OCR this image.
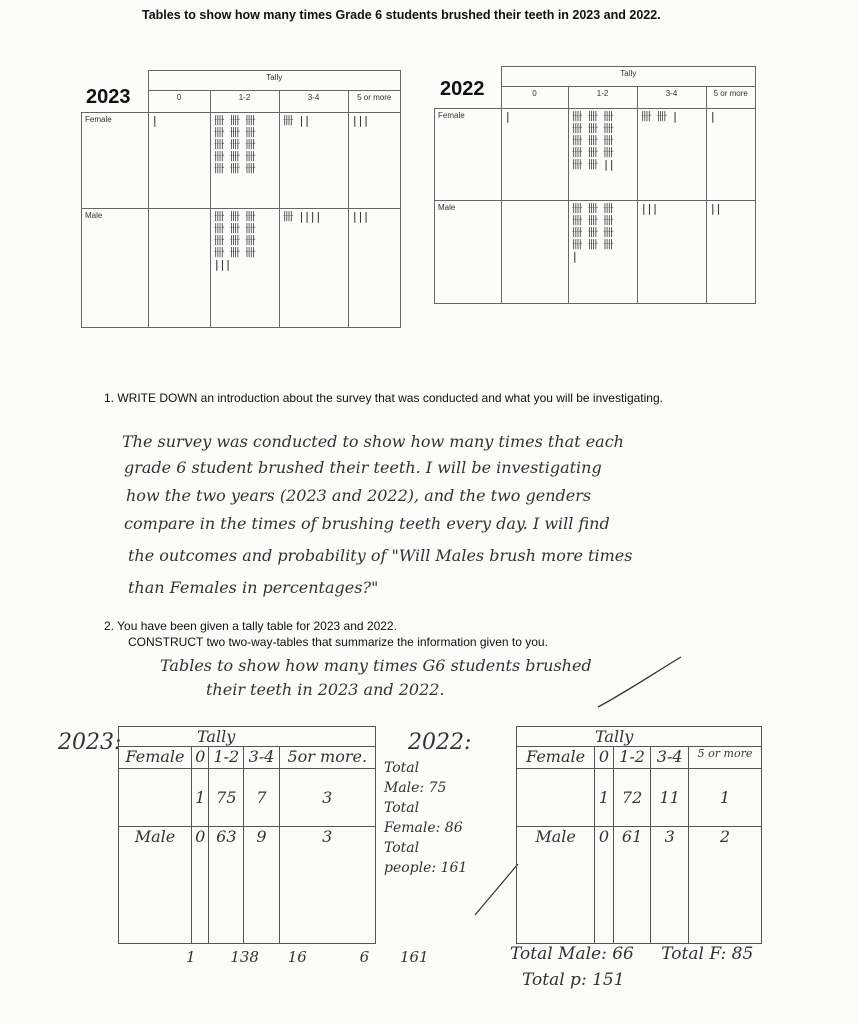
Tables to show how many times Grade 6 students brushed their teeth in 2023 and 2022.
2023
	Tally			
	0	1-2	3-4	5 or more
Female	|	卌 卌 卌
卌 卌 卌
卌 卌 卌
卌 卌 卌
卌 卌 卌	卌 ||	|||

Male		卌 卌 卌
卌 卌 卌
卌 卌 卌
卌 卌 卌
|||	卌 ||||	|||
2022
	Tally			
	0	1-2	3-4	5 or more
Female	|	卌 卌 卌
卌 卌 卌
卌 卌 卌
卌 卌 卌
卌 卌 ||	卌 卌 |	|

Male		卌 卌 卌
卌 卌 卌
卌 卌 卌
卌 卌 卌
|	|||	||
1. WRITE DOWN an introduction about the survey that was conducted and what you will be investigating.
The survey was conducted to show how many times that each
grade 6 student brushed their teeth. I will be investigating
how the two years (2023 and 2022), and the two genders
compare in the times of brushing teeth every day. I will find
the outcomes and probability of "Will Males brush more times
than Females in percentages?"
2. You have been given a tally table for 2023 and 2022.
CONSTRUCT two two-way-tables that summarize the information given to you.
Tables to show how many times G6 students brushed
their teeth in 2023 and 2022.
2023:	Tally				
Female	0	1-2	3-4	5or more.
	1	75	7	3
Male	0	63	9	3
1 138 16	6 161
2022:
Total
Male: 75
Total
Female: 86
Total
people: 161
Tally				
Female	0	1-2	3-4	5 or more
	1	72	11	1
Male	0	61	3	2
Total Male: 66 Total F: 85
Total p: 151
